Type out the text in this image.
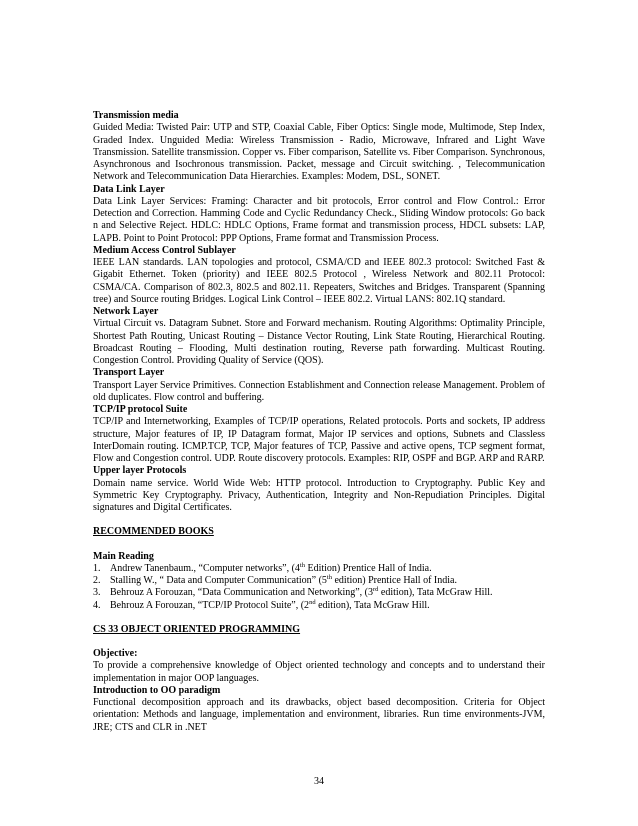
Transmission media
Guided Media: Twisted Pair: UTP and STP, Coaxial Cable, Fiber Optics: Single mode, Multimode, Step Index, Graded Index. Unguided Media: Wireless Transmission - Radio, Microwave, Infrared and Light Wave Transmission. Satellite transmission. Copper vs. Fiber comparison, Satellite vs. Fiber Comparison. Synchronous, Asynchronous and Isochronous transmission. Packet, message and Circuit switching. , Telecommunication Network and Telecommunication Data Hierarchies. Examples: Modem, DSL, SONET.
Data Link Layer
Data Link Layer Services: Framing: Character and bit protocols, Error control and Flow Control.: Error Detection and Correction. Hamming Code and Cyclic Redundancy Check., Sliding Window protocols: Go back n and Selective Reject. HDLC: HDLC Options, Frame format and transmission process, HDCL subsets: LAP, LAPB. Point to Point Protocol: PPP Options, Frame format and Transmission Process.
Medium Access Control Sublayer
IEEE LAN standards. LAN topologies and protocol, CSMA/CD and IEEE 802.3 protocol: Switched Fast & Gigabit Ethernet. Token (priority) and IEEE 802.5 Protocol , Wireless Network and 802.11 Protocol: CSMA/CA. Comparison of 802.3, 802.5 and 802.11. Repeaters, Switches and Bridges. Transparent (Spanning tree) and Source routing Bridges. Logical Link Control – IEEE 802.2. Virtual LANS: 802.1Q standard.
Network Layer
Virtual Circuit vs. Datagram Subnet. Store and Forward mechanism. Routing Algorithms: Optimality Principle, Shortest Path Routing, Unicast Routing – Distance Vector Routing, Link State Routing, Hierarchical Routing. Broadcast Routing – Flooding, Multi destination routing, Reverse path forwarding. Multicast Routing. Congestion Control. Providing Quality of Service (QOS).
Transport Layer
Transport Layer Service Primitives. Connection Establishment and Connection release Management. Problem of old duplicates. Flow control and buffering.
TCP/IP protocol Suite
TCP/IP and Internetworking, Examples of TCP/IP operations, Related protocols. Ports and sockets, IP address structure, Major features of IP, IP Datagram format, Major IP services and options, Subnets and Classless InterDomain routing. ICMP.TCP, TCP, Major features of TCP, Passive and active opens, TCP segment format, Flow and Congestion control. UDP. Route discovery protocols. Examples: RIP, OSPF and BGP. ARP and RARP.
Upper layer Protocols
Domain name service. World Wide Web: HTTP protocol. Introduction to Cryptography. Public Key and Symmetric Key Cryptography. Privacy, Authentication, Integrity and Non-Repudiation Principles. Digital signatures and Digital Certificates.
RECOMMENDED BOOKS
Main Reading
1. Andrew Tanenbaum., “Computer networks”, (4th Edition) Prentice Hall of India.
2. Stalling W., “ Data and Computer Communication” (5th edition) Prentice Hall of India.
3. Behrouz A Forouzan, “Data Communication and Networking”, (3rd edition), Tata McGraw Hill.
4. Behrouz A Forouzan, “TCP/IP Protocol Suite”, (2nd edition), Tata McGraw Hill.
CS 33 OBJECT ORIENTED PROGRAMMING
Objective:
To provide a comprehensive knowledge of Object oriented technology and concepts and to understand their implementation in major OOP languages.
Introduction to OO paradigm
Functional decomposition approach and its drawbacks, object based decomposition. Criteria for Object orientation: Methods and language, implementation and environment, libraries. Run time environments-JVM, JRE; CTS and CLR in .NET
34
